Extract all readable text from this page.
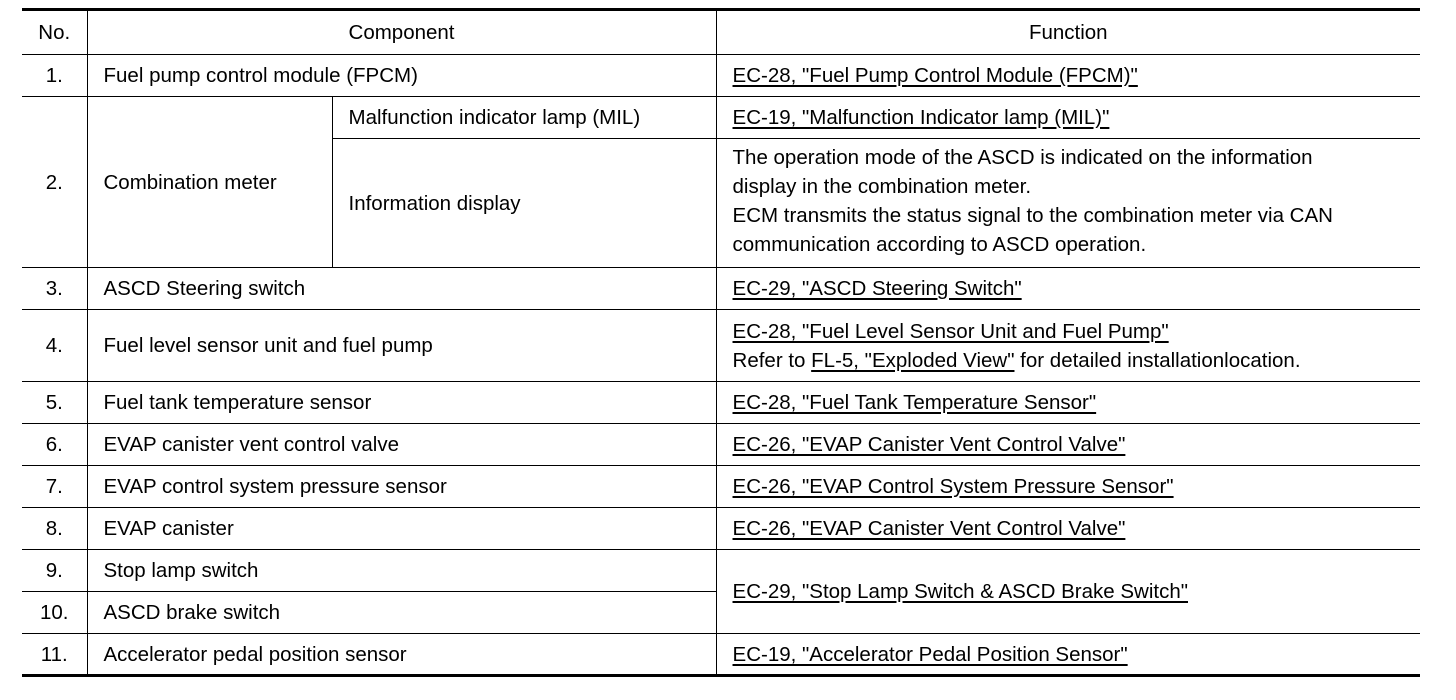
No.	Component		Function
1.	Fuel pump control module (FPCM)		EC-28, "Fuel Pump Control Module (FPCM)"
2.	Combination meter	Malfunction indicator lamp (MIL)	EC-19, "Malfunction Indicator lamp (MIL)"
		Information display	The operation mode of the ASCD is indicated on the information
display in the combination meter.
ECM transmits the status signal to the combination meter via CAN
communication according to ASCD operation.

3.	ASCD Steering switch		EC-29, "ASCD Steering Switch"
4.	Fuel level sensor unit and fuel pump		EC-28, "Fuel Level Sensor Unit and Fuel Pump"
Refer to FL-5, "Exploded View" for detailed installationlocation.

5.	Fuel tank temperature sensor		EC-28, "Fuel Tank Temperature Sensor"
6.	EVAP canister vent control valve		EC-26, "EVAP Canister Vent Control Valve"
7.	EVAP control system pressure sensor		EC-26, "EVAP Control System Pressure Sensor"
8.	EVAP canister		EC-26, "EVAP Canister Vent Control Valve"
9.	Stop lamp switch		EC-29, "Stop Lamp Switch & ASCD Brake Switch"
10.	ASCD brake switch		
11.	Accelerator pedal position sensor		EC-19, "Accelerator Pedal Position Sensor"
